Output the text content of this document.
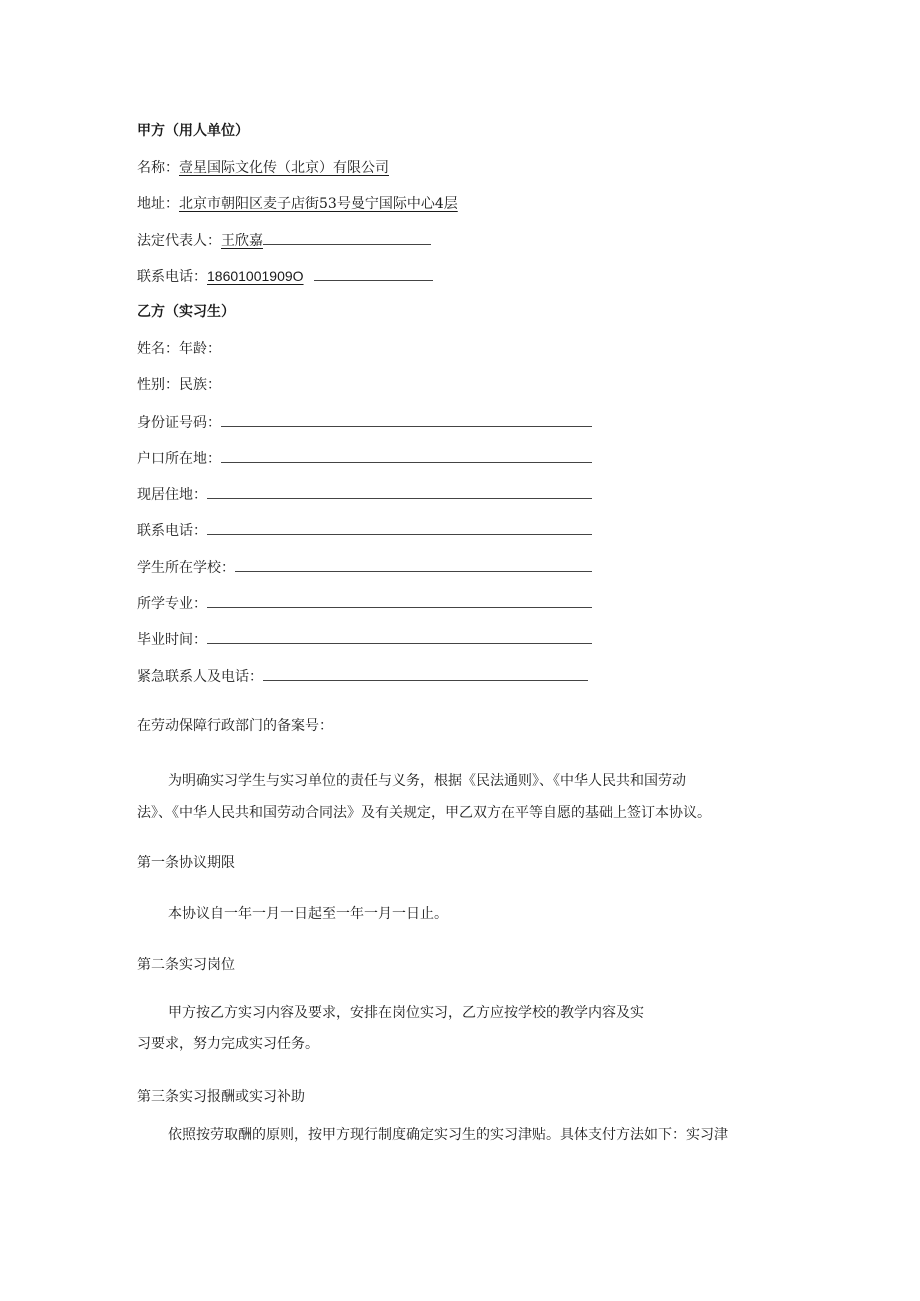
甲方（用人单位）
名称：壹星国际文化传（北京）有限公司
地址：北京市朝阳区麦子店街53号曼宁国际中心4层
法定代表人：王欣嘉
联系电话：18601001909O
乙方（实习生）
姓名：年龄：
性别：民族：
身份证号码：
户口所在地：
现居住地：
联系电话：
学生所在学校：
所学专业：
毕业时间：
紧急联系人及电话：
在劳动保障行政部门的备案号：
为明确实习学生与实习单位的责任与义务，根据《民法通则》、《中华人民共和国劳动
法》、《中华人民共和国劳动合同法》及有关规定，甲乙双方在平等自愿的基础上签订本协议。
第一条协议期限
本协议自一年一月一日起至一年一月一日止。
第二条实习岗位
甲方按乙方实习内容及要求，安排在岗位实习，乙方应按学校的教学内容及实
习要求，努力完成实习任务。
第三条实习报酬或实习补助
依照按劳取酬的原则，按甲方现行制度确定实习生的实习津贴。具体支付方法如下：实习津
